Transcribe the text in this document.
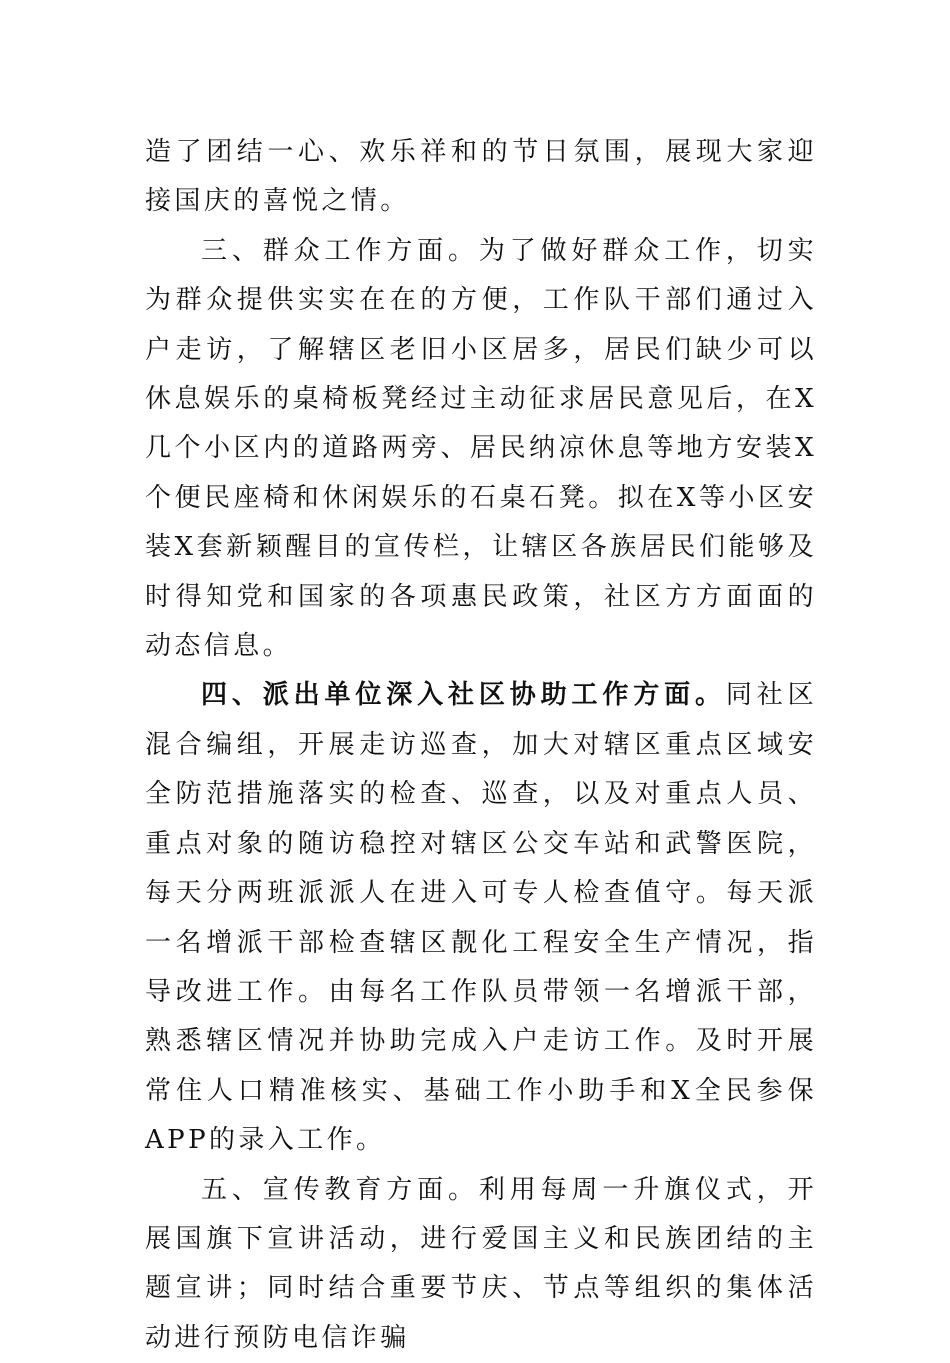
造了团结一心、欢乐祥和的节日氛围，展现大家迎接国庆的喜悦之情。

三、群众工作方面。为了做好群众工作，切实为群众提供实实在在的方便，工作队干部们通过入户走访，了解辖区老旧小区居多，居民们缺少可以休息娱乐的桌椅板凳经过主动征求居民意见后，在X几个小区内的道路两旁、居民纳凉休息等地方安装X个便民座椅和休闲娱乐的石桌石凳。拟在X等小区安装X套新颖醒目的宣传栏，让辖区各族居民们能够及时得知党和国家的各项惠民政策，社区方方面面的动态信息。

四、派出单位深入社区协助工作方面。同社区混合编组，开展走访巡查，加大对辖区重点区域安全防范措施落实的检查、巡查，以及对重点人员、重点对象的随访稳控对辖区公交车站和武警医院，每天分两班派派人在进入可专人检查值守。每天派一名增派干部检查辖区靓化工程安全生产情况，指导改进工作。由每名工作队员带领一名增派干部，熟悉辖区情况并协助完成入户走访工作。及时开展常住人口精准核实、基础工作小助手和X全民参保APP的录入工作。

五、宣传教育方面。利用每周一升旗仪式，开展国旗下宣讲活动，进行爱国主义和民族团结的主题宣讲；同时结合重要节庆、节点等组织的集体活动进行预防电信诈骗
